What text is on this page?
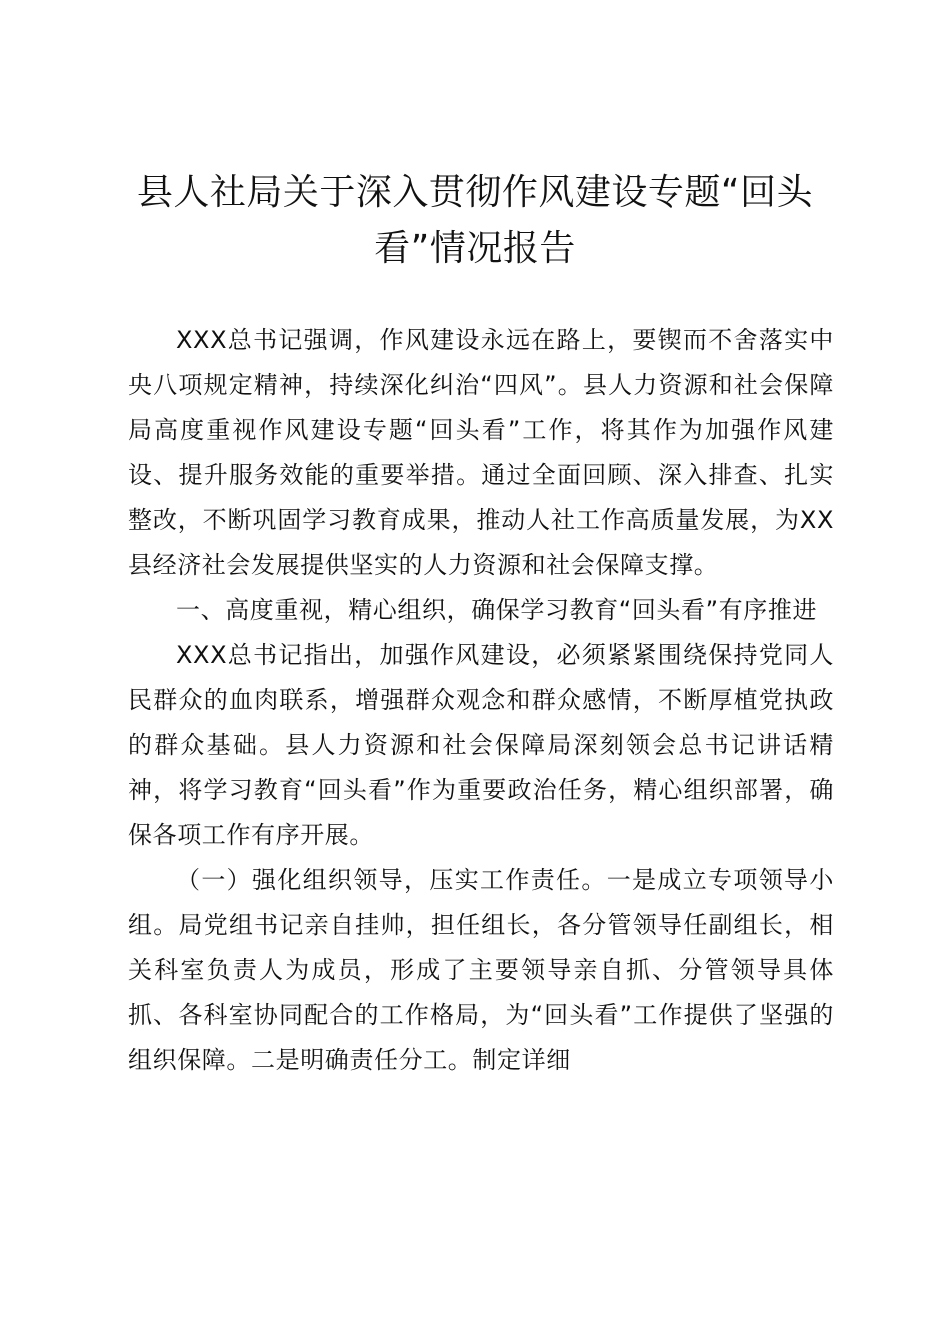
县人社局关于深入贯彻作风建设专题“回头看”情况报告

XXX总书记强调，作风建设永远在路上，要锲而不舍落实中央八项规定精神，持续深化纠治“四风”。县人力资源和社会保障局高度重视作风建设专题“回头看”工作，将其作为加强作风建设、提升服务效能的重要举措。通过全面回顾、深入排查、扎实整改，不断巩固学习教育成果，推动人社工作高质量发展，为XX县经济社会发展提供坚实的人力资源和社会保障支撑。

一、高度重视，精心组织，确保学习教育“回头看”有序推进

XXX总书记指出，加强作风建设，必须紧紧围绕保持党同人民群众的血肉联系，增强群众观念和群众感情，不断厚植党执政的群众基础。县人力资源和社会保障局深刻领会总书记讲话精神，将学习教育“回头看”作为重要政治任务，精心组织部署，确保各项工作有序开展。

（一）强化组织领导，压实工作责任。一是成立专项领导小组。局党组书记亲自挂帅，担任组长，各分管领导任副组长，相关科室负责人为成员，形成了主要领导亲自抓、分管领导具体抓、各科室协同配合的工作格局，为“回头看”工作提供了坚强的组织保障。二是明确责任分工。制定详细
